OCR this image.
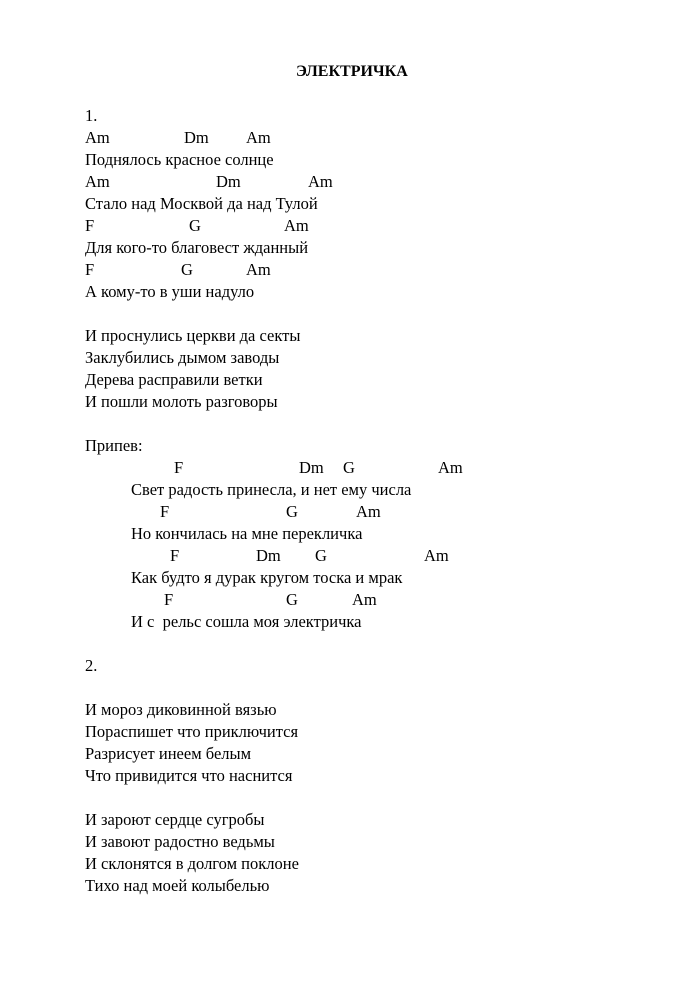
ЭЛЕКТРИЧКА
1.

Am

	Dm

Am

Поднялось красное солнце

Am

	Dm

	Am

Стало над Москвой да над Тулой

F

	G

	Am

Для кого-то благовест жданный

F

	G

	Am

А кому-то в уши надуло
И проснулись церкви да секты
Заклубились дымом заводы
Дерева расправили ветки
И пошли молоть разговоры
Припев:

F

	Dm

G

	Am

Свет радость принесла, и нет ему числа

F

	G

	Am

Но кончилась на мне перекличка

F

	Dm

G

	Am

Как будто я дурак кругом тоска и мрак

F

	G

	Am

И с  рельс сошла моя электричка
2.
И мороз диковинной вязью
Пораспишет что приключится
Разрисует инеем белым
Что привидится что наснится
И зароют сердце сугробы
И завоют радостно ведьмы
И склонятся в долгом поклоне
Тихо над моей колыбелью
